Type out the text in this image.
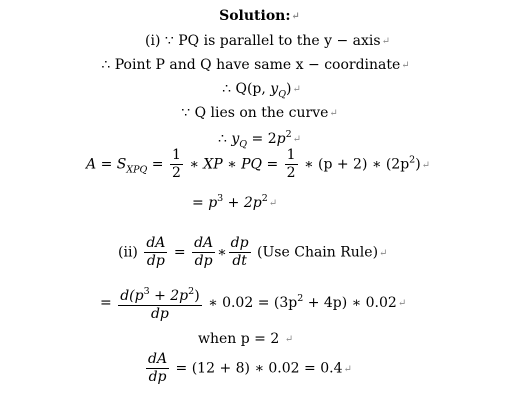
Solution:↵
(i) ∵ PQ is parallel to the y − axis↵
∴ Point P and Q have same x − coordinate↵
∴ Q(p, $y_Q)↵$
∵ Q lies on the curve↵
∴ $y_Q$ = $2p^2↵$
$A = S_{XPQ} = \frac{1}{2}$ ∗ XP ∗ PQ = $\frac{1}{2}$ ∗ (p + 2) ∗ $(2p^2)↵$
= $p^3$ + $2p^2↵$
$(ii) \frac{dA}{dp} = \frac{dA}{dp}$ ∗ $\frac{dp}{dt} (Use$ Chain Rule)↵
= $\frac{d(p^3 + 2p^2)}{dp}$ ∗ $0.02 = (3p^2 + 4p)$ ∗ 0.02↵
when p = 2 ↵
$\frac{dA}{dp} = (12 + 8)$ ∗ 0.02 = 0.4↵
